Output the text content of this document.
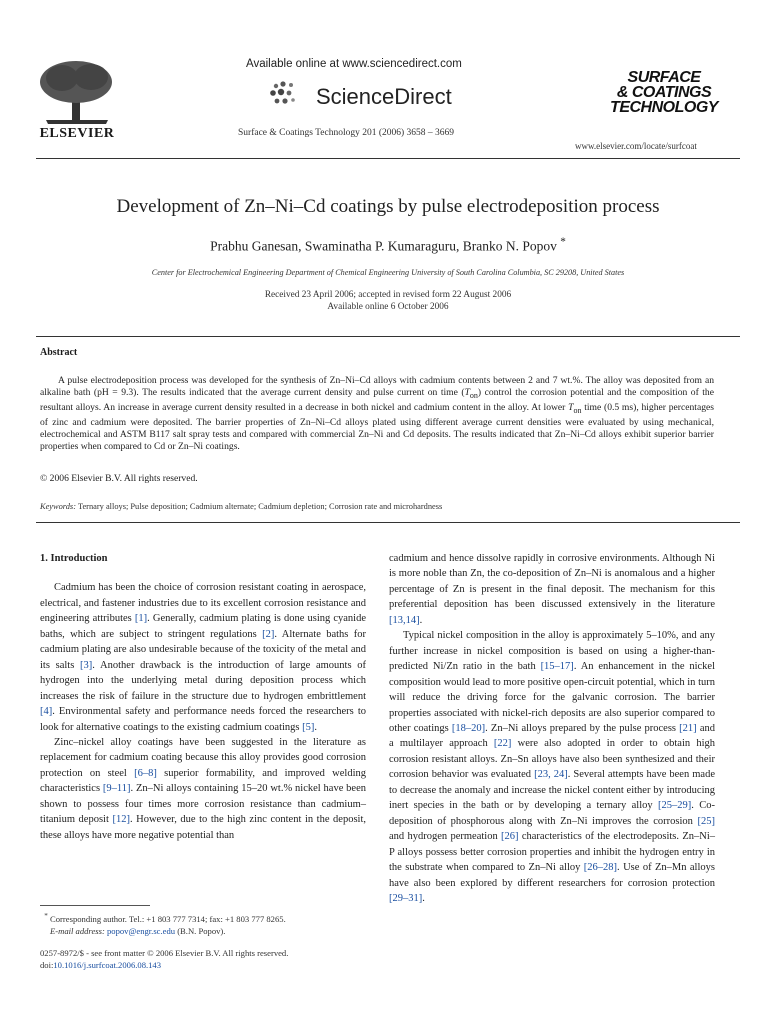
ELSEVIER
Available online at www.sciencedirect.com
ScienceDirect
Surface & Coatings Technology 201 (2006) 3658 – 3669
SURFACE
& COATINGS
TECHNOLOGY
www.elsevier.com/locate/surfcoat
Development of Zn–Ni–Cd coatings by pulse electrodeposition process
Prabhu Ganesan, Swaminatha P. Kumaraguru, Branko N. Popov *
Center for Electrochemical Engineering Department of Chemical Engineering University of South Carolina Columbia, SC 29208, United States
Received 23 April 2006; accepted in revised form 22 August 2006
Available online 6 October 2006
Abstract
A pulse electrodeposition process was developed for the synthesis of Zn–Ni–Cd alloys with cadmium contents between 2 and 7 wt.%. The alloy was deposited from an alkaline bath (pH = 9.3). The results indicated that the average current density and pulse current on time $(T_{on})$ control the corrosion potential and the composition of the resultant alloys. An increase in average current density resulted in a decrease in both nickel and cadmium content in the alloy. At lower $T_{on}$ time (0.5 ms), higher percentages of zinc and cadmium were deposited. The barrier properties of Zn–Ni–Cd alloys plated using different average current densities were evaluated by using mechanical, electrochemical and ASTM B117 salt spray tests and compared with commercial Zn–Ni and Cd deposits. The results indicated that Zn–Ni–Cd alloys exhibit superior barrier properties when compared to Cd or Zn–Ni coatings.
© 2006 Elsevier B.V. All rights reserved.
Keywords: Ternary alloys; Pulse deposition; Cadmium alternate; Cadmium depletion; Corrosion rate and microhardness

1. Introduction

Cadmium has been the choice of corrosion resistant coating in aerospace, electrical, and fastener industries due to its excellent corrosion resistance and engineering attributes [1]. Generally, cadmium plating is done using cyanide baths, which are subject to stringent regulations [2]. Alternate baths for cadmium plating are also undesirable because of the toxicity of the metal and its salts [3]. Another drawback is the introduction of large amounts of hydrogen into the underlying metal during deposition process which increases the risk of failure in the structure due to hydrogen embrittlement [4]. Environmental safety and performance needs forced the researchers to look for alternative coatings to the existing cadmium coatings [5].

Zinc–nickel alloy coatings have been suggested in the literature as replacement for cadmium coating because this alloy provides good corrosion protection on steel [6–8] superior formability, and improved welding characteristics [9–11]. Zn–Ni alloys containing 15–20 wt.% nickel have been shown to possess four times more corrosion resistance than cadmium–titanium deposit [12]. However, due to the high zinc content in the deposit, these alloys have more negative potential than

cadmium and hence dissolve rapidly in corrosive environments. Although Ni is more noble than Zn, the co-deposition of Zn–Ni is anomalous and a higher percentage of Zn is present in the final deposit. The mechanism for this preferential deposition has been discussed extensively in the literature [13,14].

Typical nickel composition in the alloy is approximately 5–10%, and any further increase in nickel composition is based on using a higher-than-predicted Ni/Zn ratio in the bath [15–17]. An enhancement in the nickel composition would lead to more positive open-circuit potential, which in turn will reduce the driving force for the galvanic corrosion. The barrier properties associated with nickel-rich deposits are also superior compared to other coatings [18–20]. Zn–Ni alloys prepared by the pulse process [21] and a multilayer approach [22] were also adopted in order to obtain high corrosion resistant alloys. Zn–Sn alloys have also been synthesized and their corrosion behavior was evaluated [23, 24]. Several attempts have been made to decrease the anomaly and increase the nickel content either by introducing inert species in the bath or by developing a ternary alloy [25–29]. Co-deposition of phosphorous along with Zn–Ni improves the corrosion [25] and hydrogen permeation [26] characteristics of the electrodeposits. Zn–Ni–P alloys possess better corrosion properties and inhibit the hydrogen entry in the substrate when compared to Zn–Ni alloy [26–28]. Use of Zn–Mn alloys have also been explored by different researchers for corrosion protection [29–31].

* Corresponding author. Tel.: +1 803 777 7314; fax: +1 803 777 8265.
E-mail address: popov@engr.sc.edu (B.N. Popov).
0257-8972/$ - see front matter © 2006 Elsevier B.V. All rights reserved.
doi:10.1016/j.surfcoat.2006.08.143
